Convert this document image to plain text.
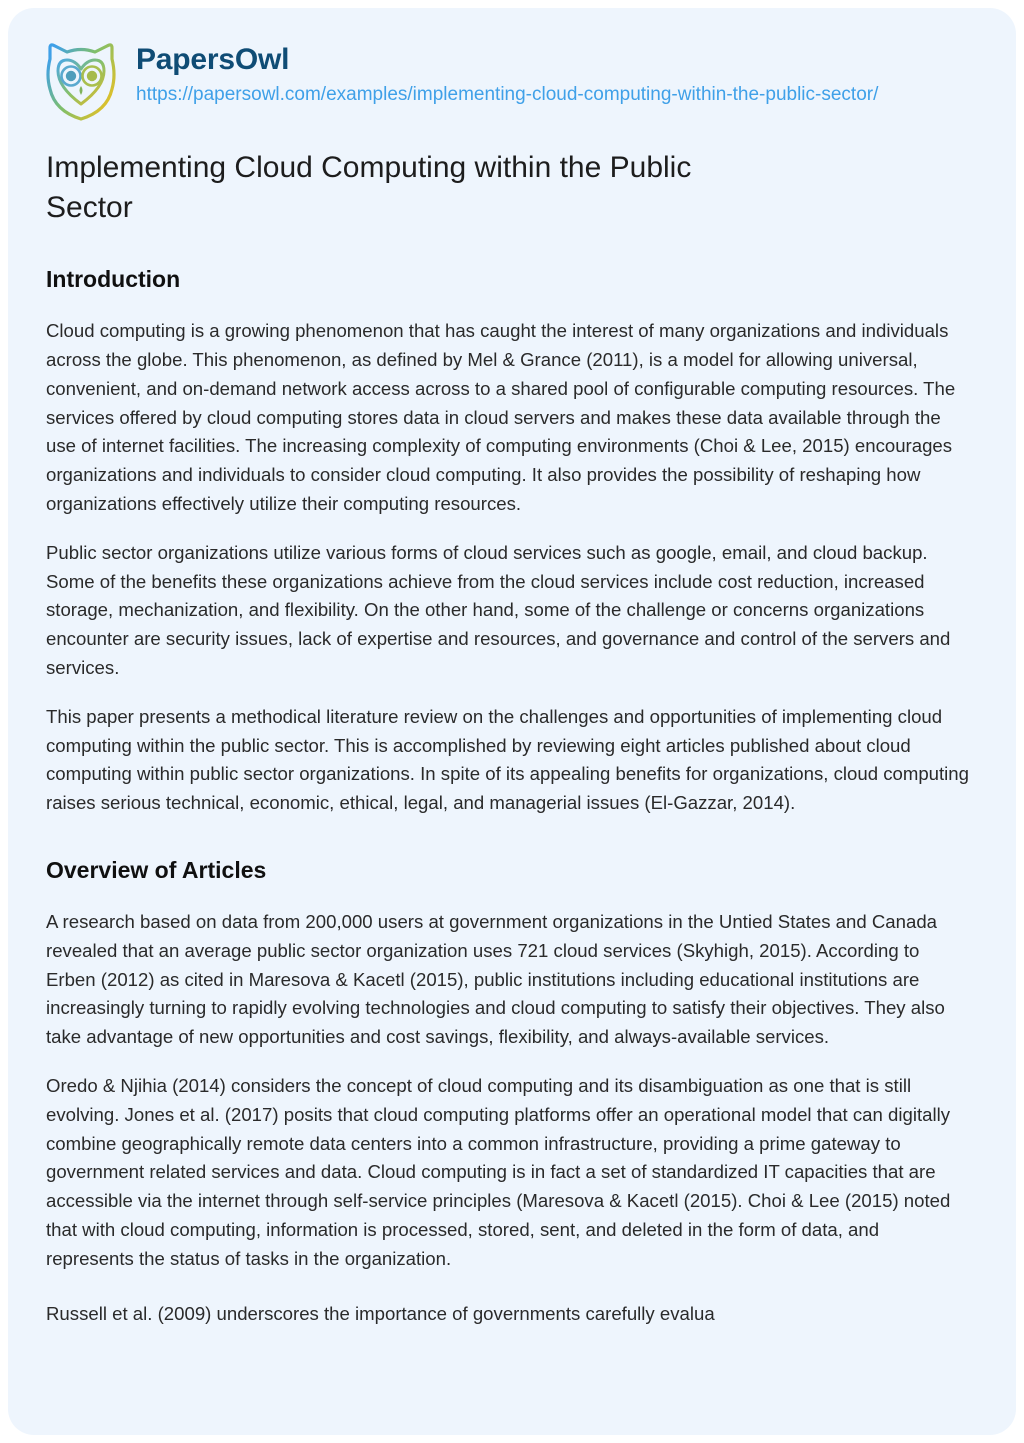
PapersOwl
https://papersowl.com/examples/implementing-cloud-computing-within-the-public-sector/
Implementing Cloud Computing within the Public Sector
Introduction

Cloud computing is a growing phenomenon that has caught the interest of many organizations and individuals across the globe. This phenomenon, as defined by Mel & Grance (2011), is a model for allowing universal, convenient, and on-demand network access across to a shared pool of configurable computing resources. The services offered by cloud computing stores data in cloud servers and makes these data available through the use of internet facilities. The increasing complexity of computing environments (Choi & Lee, 2015) encourages organizations and individuals to consider cloud computing. It also provides the possibility of reshaping how organizations effectively utilize their computing resources.

Public sector organizations utilize various forms of cloud services such as google, email, and cloud backup. Some of the benefits these organizations achieve from the cloud services include cost reduction, increased storage, mechanization, and flexibility. On the other hand, some of the challenge or concerns organizations encounter are security issues, lack of expertise and resources, and governance and control of the servers and services.

This paper presents a methodical literature review on the challenges and opportunities of implementing cloud computing within the public sector. This is accomplished by reviewing eight articles published about cloud computing within public sector organizations. In spite of its appealing benefits for organizations, cloud computing raises serious technical, economic, ethical, legal, and managerial issues (El-Gazzar, 2014).

Overview of Articles

A research based on data from 200,000 users at government organizations in the Untied States and Canada revealed that an average public sector organization uses 721 cloud services (Skyhigh, 2015). According to Erben (2012) as cited in Maresova & Kacetl (2015), public institutions including educational institutions are increasingly turning to rapidly evolving technologies and cloud computing to satisfy their objectives. They also take advantage of new opportunities and cost savings, flexibility, and always-available services.

Oredo & Njihia (2014) considers the concept of cloud computing and its disambiguation as one that is still evolving. Jones et al. (2017) posits that cloud computing platforms offer an operational model that can digitally combine geographically remote data centers into a common infrastructure, providing a prime gateway to government related services and data. Cloud computing is in fact a set of standardized IT capacities that are accessible via the internet through self-service principles (Maresova & Kacetl (2015). Choi & Lee (2015) noted that with cloud computing, information is processed, stored, sent, and deleted in the form of data, and represents the status of tasks in the organization.

Russell et al. (2009) underscores the importance of governments carefully evalua
